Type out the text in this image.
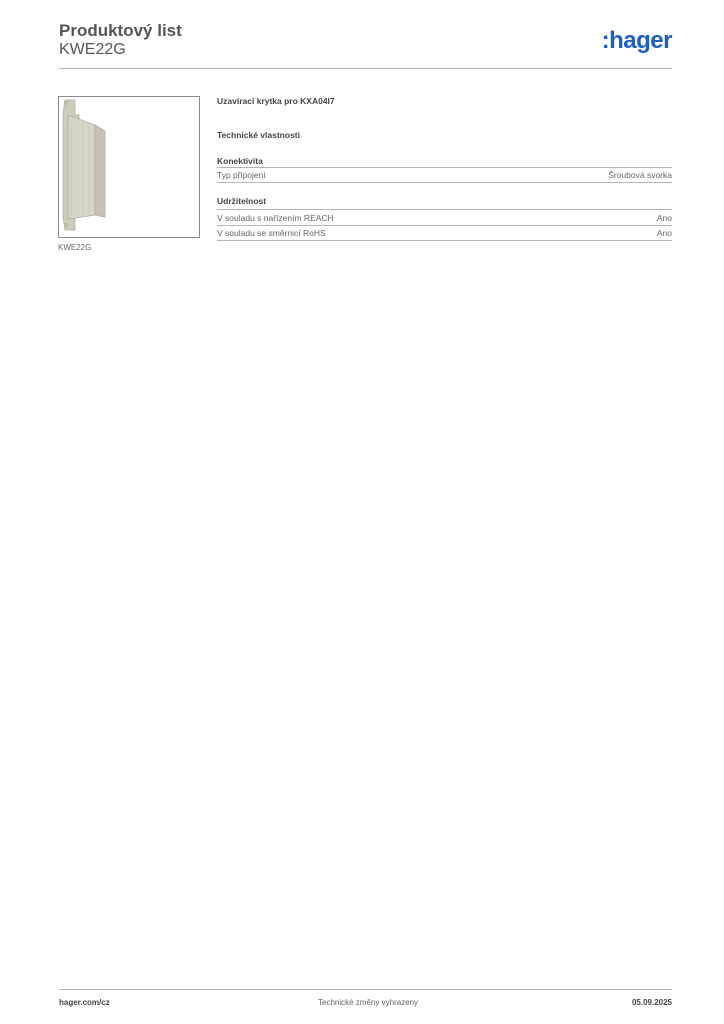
Produktový list
KWE22G	:hager
KWE22G
Uzavírací krytka pro KXA04I7
Technické vlastnosti
Konektivita
Typ připojení	Šroubová svorka
Udržitelnost
V souladu s nařízením REACH	Ano
V souladu se směrnicí RoHS	Ano
hager.com/cz	Technické změny vyhrazeny	05.09.2025
